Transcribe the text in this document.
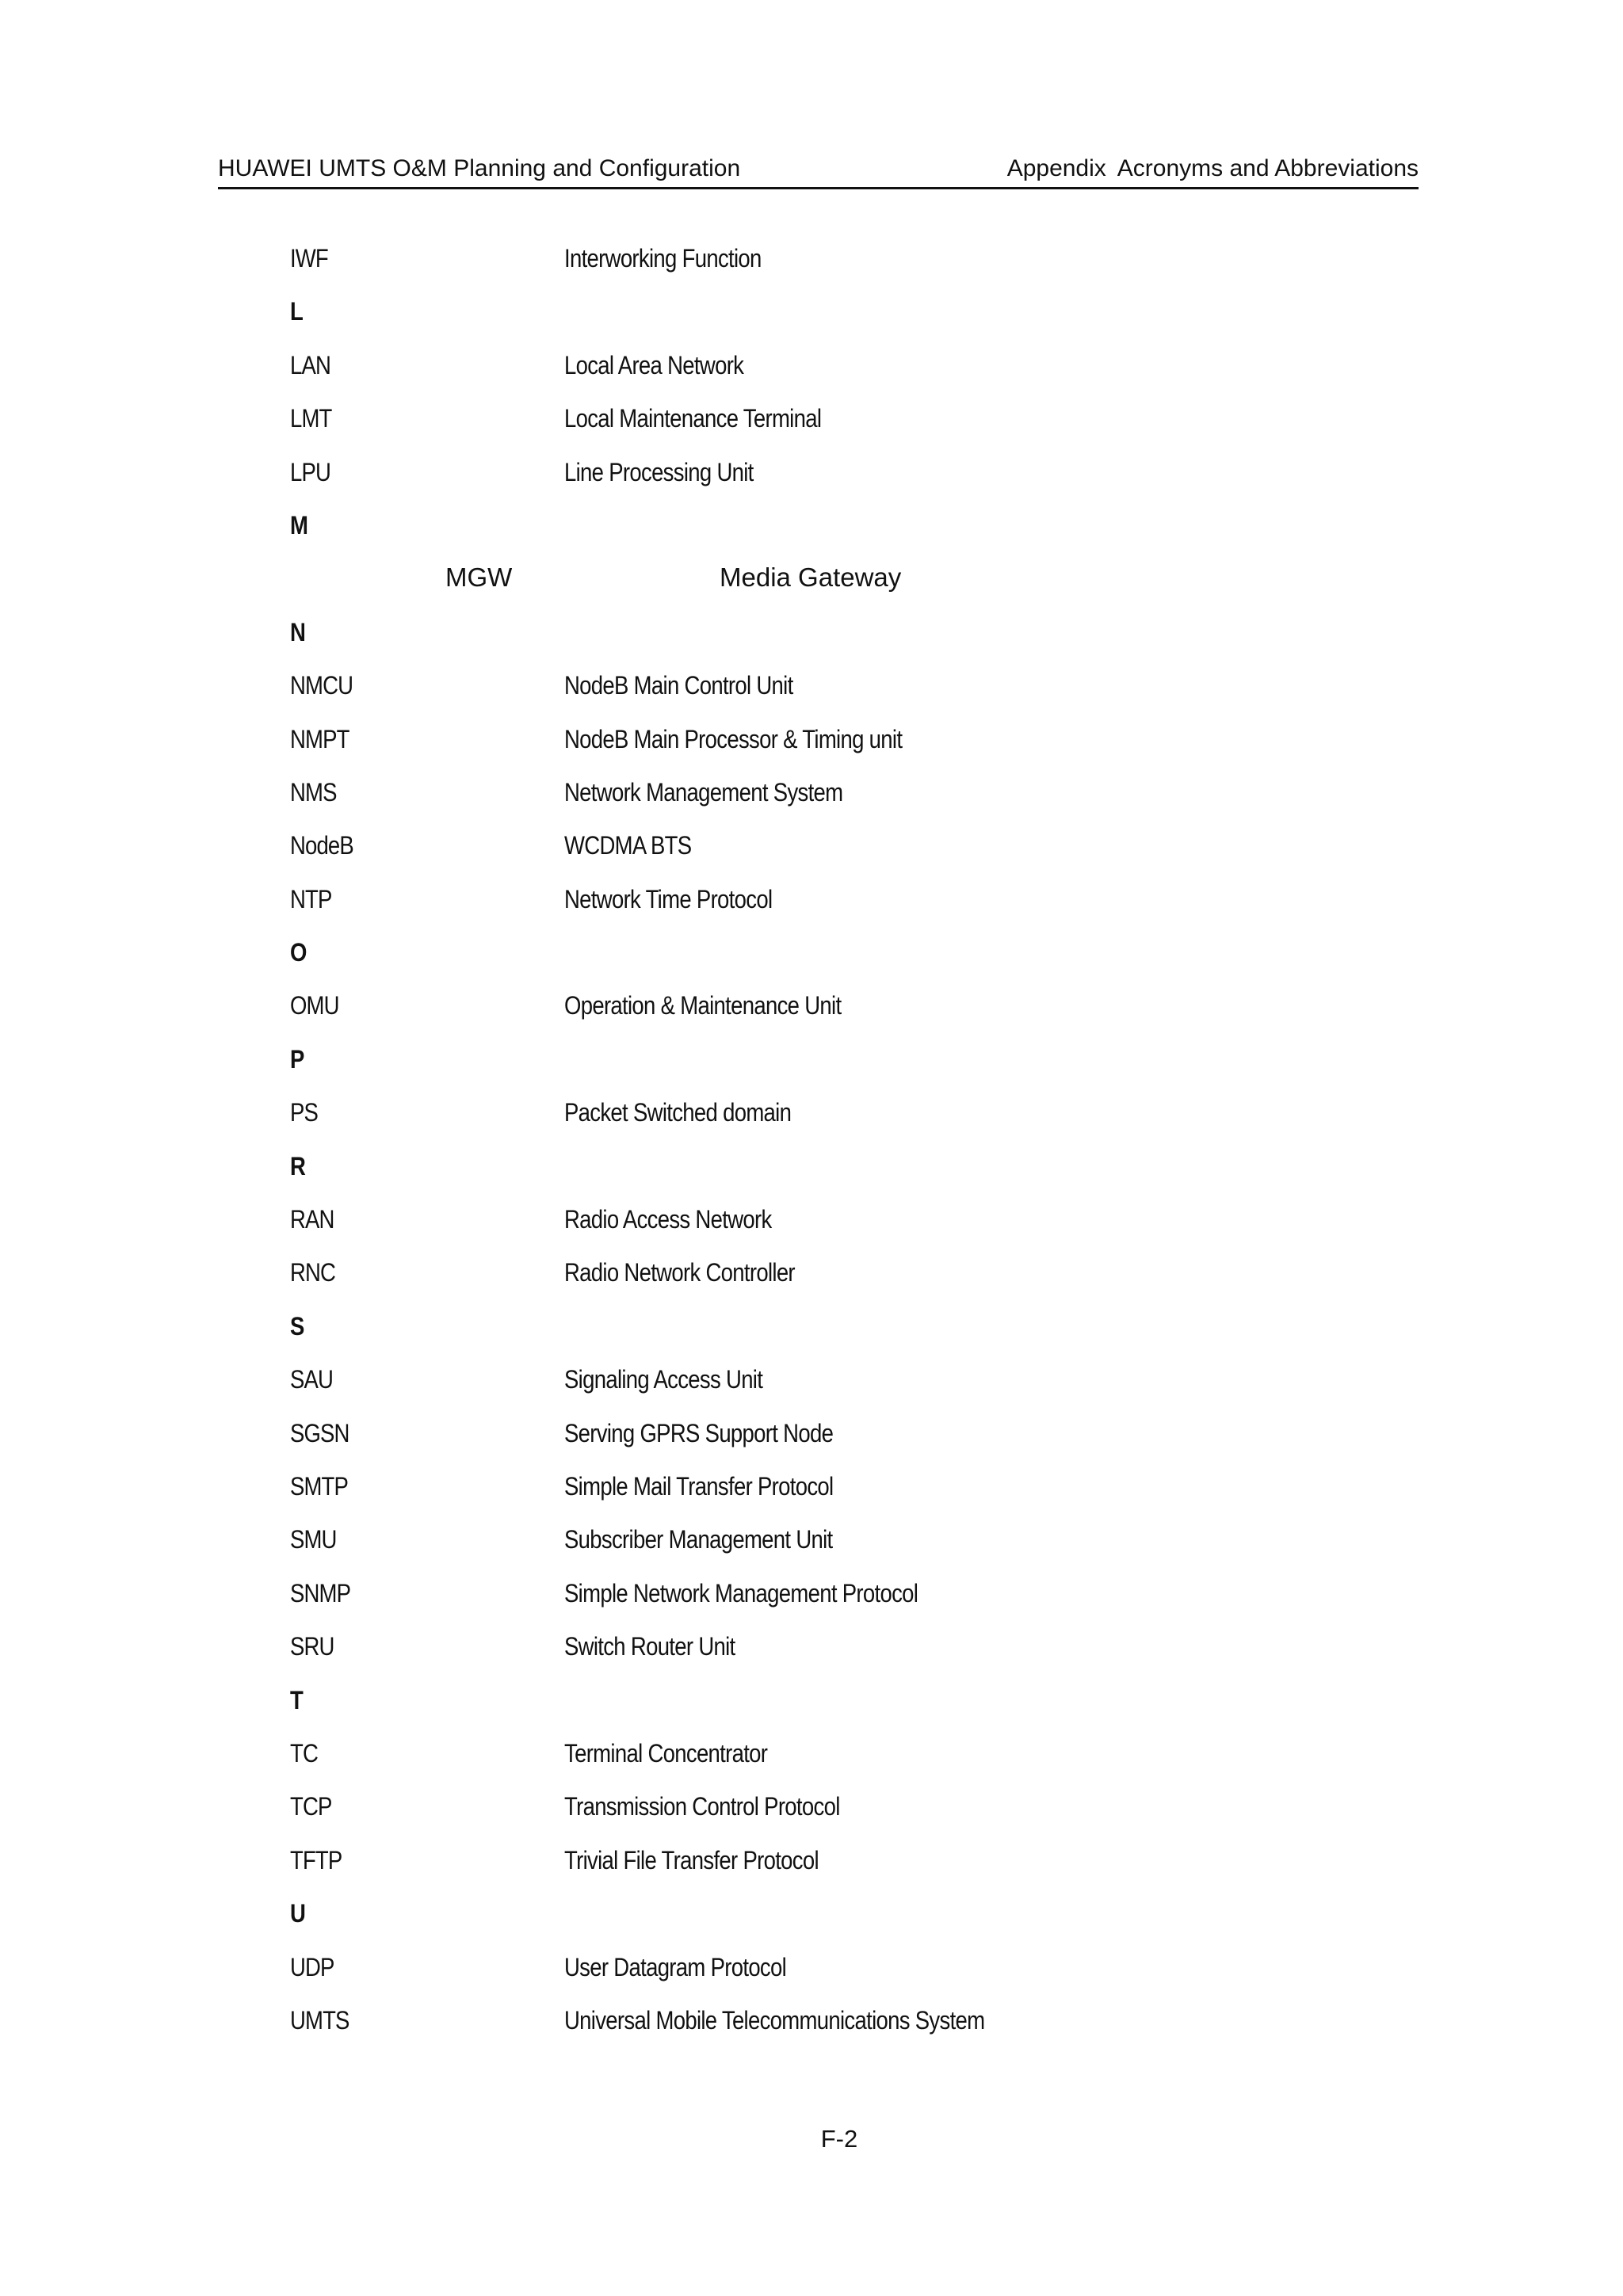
HUAWEI UMTS O&M Planning and Configuration	Appendix Acronyms and Abbreviations
IWF	Interworking Function
L
LAN	Local Area Network
LMT	Local Maintenance Terminal
LPU	Line Processing Unit
M
MGW	Media Gateway
N
NMCU	NodeB Main Control Unit
NMPT	NodeB Main Processor & Timing unit
NMS	Network Management System
NodeB	WCDMA BTS
NTP	Network Time Protocol
O
OMU	Operation & Maintenance Unit
P
PS	Packet Switched domain
R
RAN	Radio Access Network
RNC	Radio Network Controller
S
SAU	Signaling Access Unit
SGSN	Serving GPRS Support Node
SMTP	Simple Mail Transfer Protocol
SMU	Subscriber Management Unit
SNMP	Simple Network Management Protocol
SRU	Switch Router Unit
T
TC	Terminal Concentrator
TCP	Transmission Control Protocol
TFTP	Trivial File Transfer Protocol
U
UDP	User Datagram Protocol
UMTS	Universal Mobile Telecommunications System
F-2
